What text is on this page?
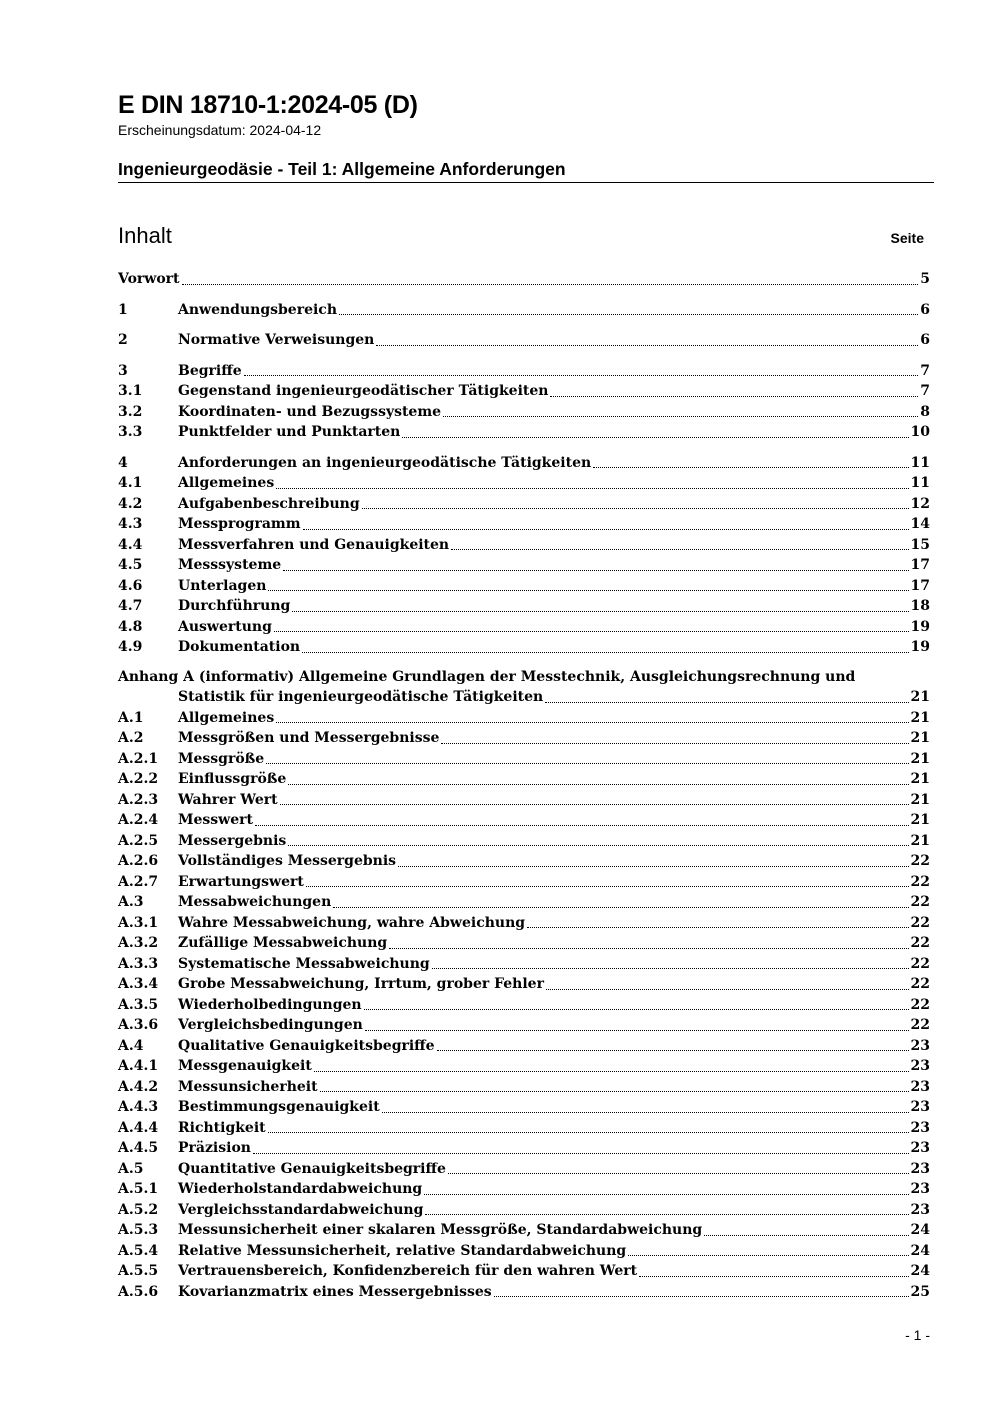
E DIN 18710-1:2024-05 (D)
Erscheinungsdatum: 2024-04-12
Ingenieurgeodäsie - Teil 1: Allgemeine Anforderungen
Inhalt	Seite
Vorwort	5
1	Anwendungsbereich	6
2	Normative Verweisungen	6
3	Begriffe	7
3.1	Gegenstand ingenieurgeodätischer Tätigkeiten	7
3.2	Koordinaten- und Bezugssysteme	8
3.3	Punktfelder und Punktarten	10
4	Anforderungen an ingenieurgeodätische Tätigkeiten	11
4.1	Allgemeines	11
4.2	Aufgabenbeschreibung	12
4.3	Messprogramm	14
4.4	Messverfahren und Genauigkeiten	15
4.5	Messsysteme	17
4.6	Unterlagen	17
4.7	Durchführung	18
4.8	Auswertung	19
4.9	Dokumentation	19
Anhang A (informativ) Allgemeine Grundlagen der Messtechnik, Ausgleichungsrechnung und
Statistik für ingenieurgeodätische Tätigkeiten	21
A.1 Allgemeines	21
A.2 Messgrößen und Messergebnisse	21
A.2.1 Messgröße	21
A.2.2 Einflussgröße	21
A.2.3 Wahrer Wert	21
A.2.4 Messwert	21
A.2.5 Messergebnis	21
A.2.6 Vollständiges Messergebnis	22
A.2.7 Erwartungswert	22
A.3 Messabweichungen	22
A.3.1 Wahre Messabweichung, wahre Abweichung	22
A.3.2 Zufällige Messabweichung	22
A.3.3 Systematische Messabweichung	22
A.3.4 Grobe Messabweichung, Irrtum, grober Fehler	22
A.3.5 Wiederholbedingungen	22
A.3.6 Vergleichsbedingungen	22
A.4 Qualitative Genauigkeitsbegriffe	23
A.4.1 Messgenauigkeit	23
A.4.2 Messunsicherheit	23
A.4.3 Bestimmungsgenauigkeit	23
A.4.4 Richtigkeit	23
A.4.5 Präzision	23
A.5 Quantitative Genauigkeitsbegriffe	23
A.5.1 Wiederholstandardabweichung	23
A.5.2 Vergleichsstandardabweichung	23
A.5.3 Messunsicherheit einer skalaren Messgröße, Standardabweichung	24
A.5.4 Relative Messunsicherheit, relative Standardabweichung	24
A.5.5 Vertrauensbereich, Konfidenzbereich für den wahren Wert	24
A.5.6 Kovarianzmatrix eines Messergebnisses	25
- 1 -
